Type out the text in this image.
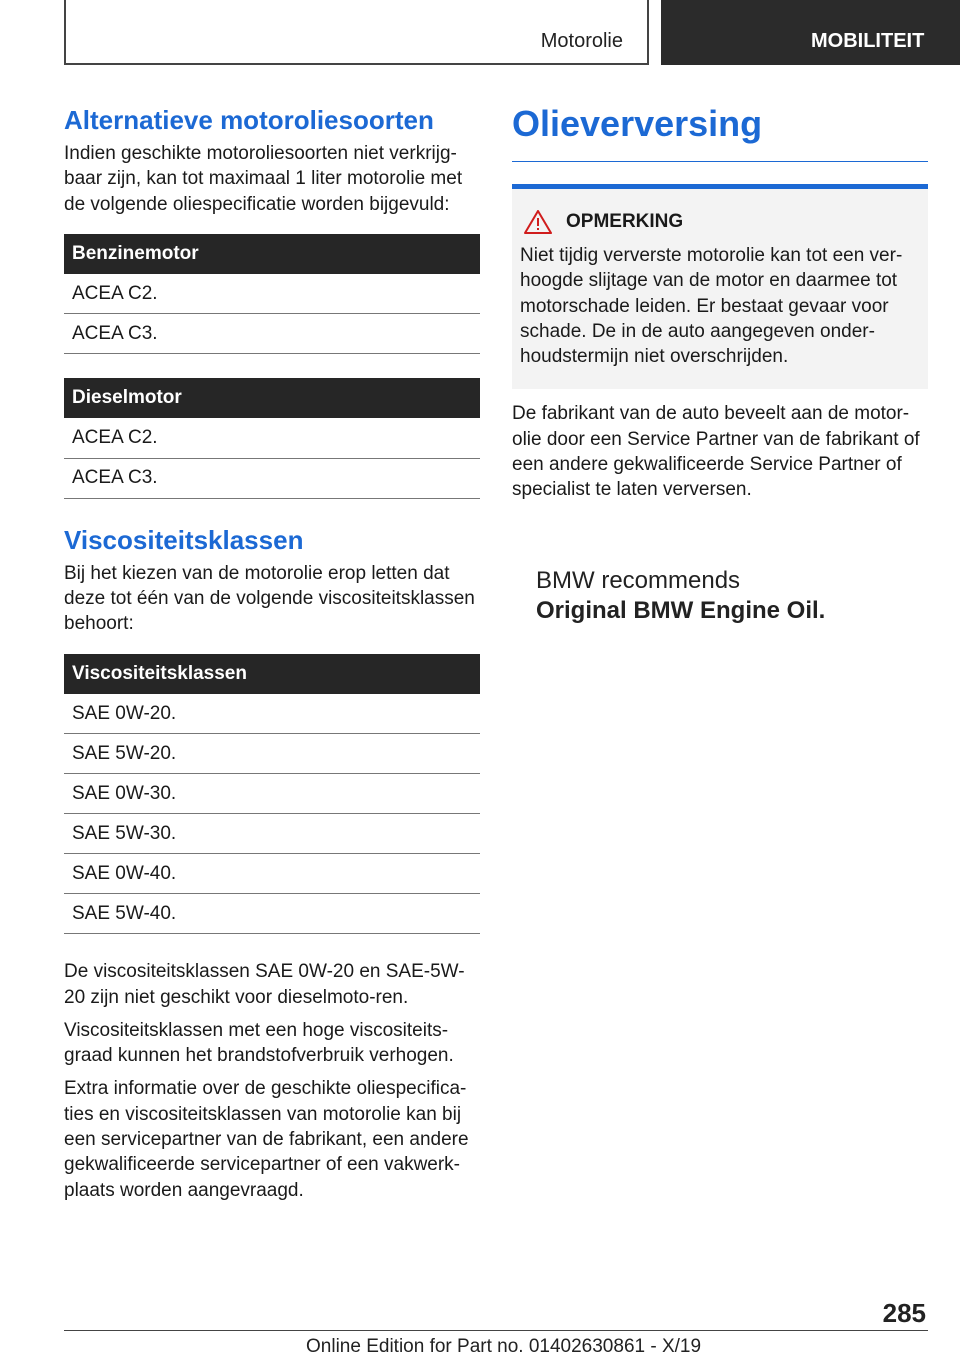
Motorolie	MOBILITEIT
Alternatieve motoroliesoorten

Indien geschikte motoroliesoorten niet verkrijg-baar zijn, kan tot maximaal 1 liter motorolie met de volgende oliespecificatie worden bijgevuld:

Benzinemotor
ACEA C2.
ACEA C3.
Dieselmotor
ACEA C2.
ACEA C3.
Viscositeitsklassen

Bij het kiezen van de motorolie erop letten dat deze tot één van de volgende viscositeitsklassen behoort:

Viscositeitsklassen
SAE 0W-20.
SAE 5W-20.
SAE 0W-30.
SAE 5W-30.
SAE 0W-40.
SAE 5W-40.

De viscositeitsklassen SAE 0W-20 en SAE-5W-20 zijn niet geschikt voor dieselmoto-ren.

Viscositeitsklassen met een hoge viscositeits-graad kunnen het brandstofverbruik verhogen.

Extra informatie over de geschikte oliespecifica-ties en viscositeitsklassen van motorolie kan bij een servicepartner van de fabrikant, een andere gekwalificeerde servicepartner of een vakwerk-plaats worden aangevraagd.

Olieverversing
OPMERKING

Niet tijdig ververste motorolie kan tot een ver-hoogde slijtage van de motor en daarmee tot motorschade leiden. Er bestaat gevaar voor schade. De in de auto aangegeven onder-houdstermijn niet overschrijden.

De fabrikant van de auto beveelt aan de motor-olie door een Service Partner van de fabrikant of een andere gekwalificeerde Service Partner of specialist te laten verversen.

BMW recommends
Original BMW Engine Oil.
285
Online Edition for Part no. 01402630861 - X/19
